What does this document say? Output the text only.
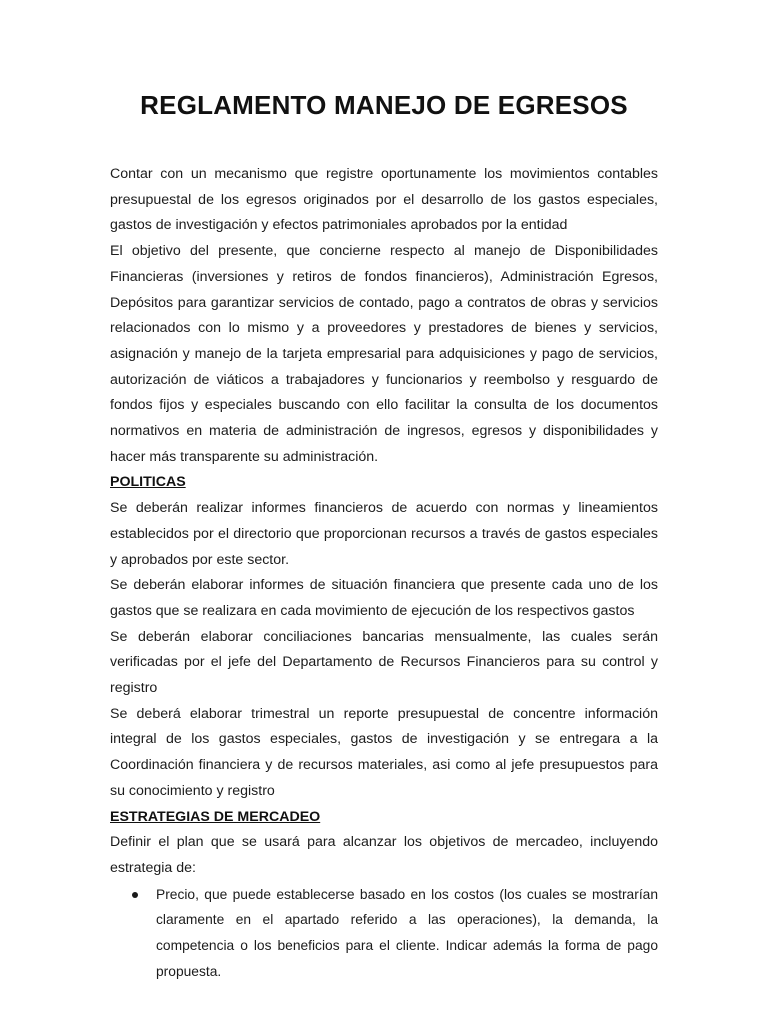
REGLAMENTO MANEJO DE EGRESOS

Contar con un mecanismo que registre oportunamente los movimientos contables presupuestal de los egresos originados por el desarrollo de los gastos especiales, gastos de investigación y efectos patrimoniales aprobados por la entidad

El objetivo del presente, que concierne respecto al manejo de Disponibilidades Financieras (inversiones y retiros de fondos financieros), Administración Egresos, Depósitos para garantizar servicios de contado, pago a contratos de obras y servicios relacionados con lo mismo y a proveedores y prestadores de bienes y servicios, asignación y manejo de la tarjeta empresarial para adquisiciones y pago de servicios, autorización de viáticos a trabajadores y funcionarios y reembolso y resguardo de fondos fijos y especiales buscando con ello facilitar la consulta de los documentos normativos en materia de administración de ingresos, egresos y disponibilidades y hacer más transparente su administración.

POLITICAS

Se deberán realizar informes financieros de acuerdo con normas y lineamientos establecidos por el directorio que proporcionan recursos a través de gastos especiales y aprobados por este sector.

Se deberán elaborar informes de situación financiera que presente cada uno de los gastos que se realizara en cada movimiento de ejecución de los respectivos gastos

Se deberán elaborar conciliaciones bancarias mensualmente, las cuales serán verificadas por el jefe del Departamento de Recursos Financieros para su control y registro

Se deberá elaborar trimestral un reporte presupuestal de concentre información integral de los gastos especiales, gastos de investigación y se entregara a la Coordinación financiera y de recursos materiales, asi como al jefe presupuestos para su conocimiento y registro

ESTRATEGIAS DE MERCADEO

Definir el plan que se usará para alcanzar los objetivos de mercadeo, incluyendo estrategia de:

Precio, que puede establecerse basado en los costos (los cuales se mostrarían claramente en el apartado referido a las operaciones), la demanda, la competencia o los beneficios para el cliente. Indicar además la forma de pago propuesta.
